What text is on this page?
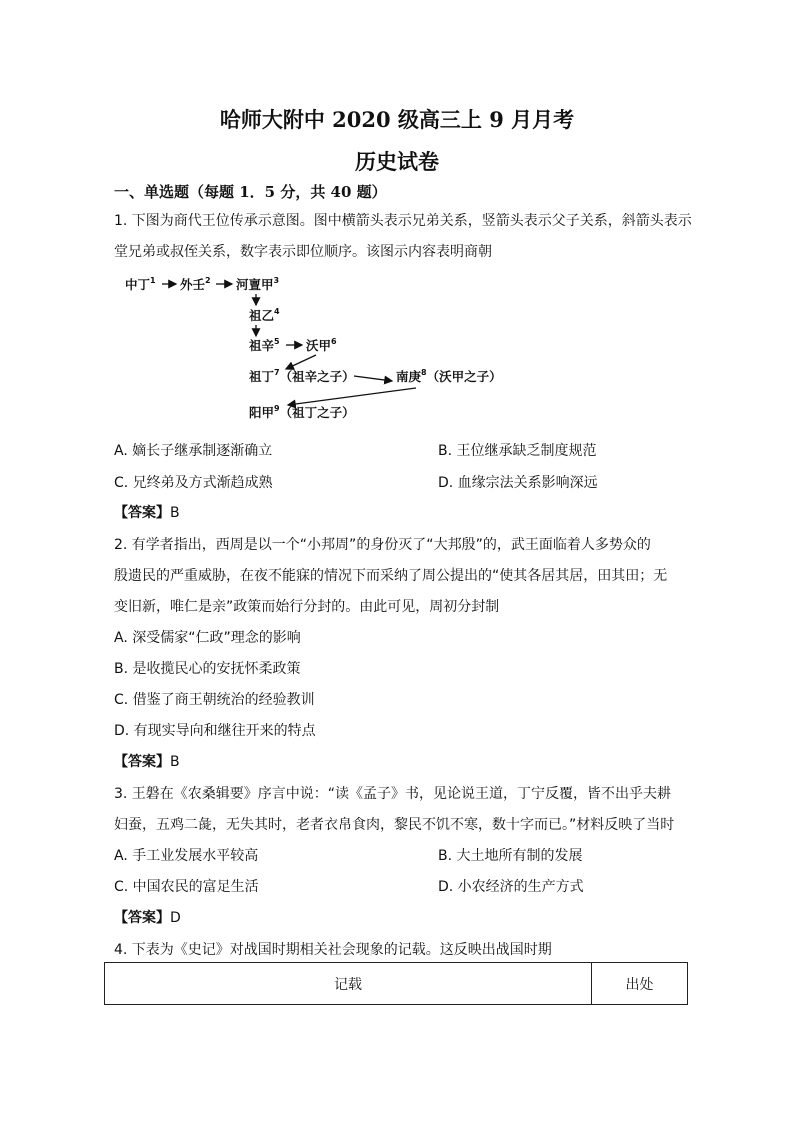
哈师大附中 2020 级高三上 9 月月考
历史试卷
一、单选题（每题 1．5 分，共 40 题）
1. 下图为商代王位传承示意图。图中横箭头表示兄弟关系，竖箭头表示父子关系，斜箭头表示
堂兄弟或叔侄关系，数字表示即位顺序。该图示内容表明商朝
中丁$^1$ 外壬$^2$ 河亶甲$^3$
祖乙$^4$
祖辛$^5$ 沃甲$^6$
祖丁$^7$（祖辛之子）	南庚$^8$（沃甲之子）
阳甲$^9$（祖丁之子）
A. 嫡长子继承制逐渐确立	B. 王位继承缺乏制度规范
C. 兄终弟及方式渐趋成熟	D. 血缘宗法关系影响深远
【答案】B
2. 有学者指出，西周是以一个“小邦周”的身份灭了“大邦殷”的，武王面临着人多势众的
殷遗民的严重威胁，在夜不能寐的情况下而采纳了周公提出的“使其各居其居，田其田；无
变旧新，唯仁是亲”政策而始行分封的。由此可见，周初分封制
A. 深受儒家“仁政”理念的影响
B. 是收揽民心的安抚怀柔政策
C. 借鉴了商王朝统治的经验教训
D. 有现实导向和继往开来的特点
【答案】B
3. 王磐在《农桑辑要》序言中说：“读《孟子》书，见论说王道，丁宁反覆，皆不出乎夫耕
妇蚕，五鸡二彘，无失其时，老者衣帛食肉，黎民不饥不寒，数十字而已。”材料反映了当时
A. 手工业发展水平较高	B. 大土地所有制的发展
C. 中国农民的富足生活	D. 小农经济的生产方式
【答案】D
4. 下表为《史记》对战国时期相关社会现象的记载。这反映出战国时期
记载	出处
